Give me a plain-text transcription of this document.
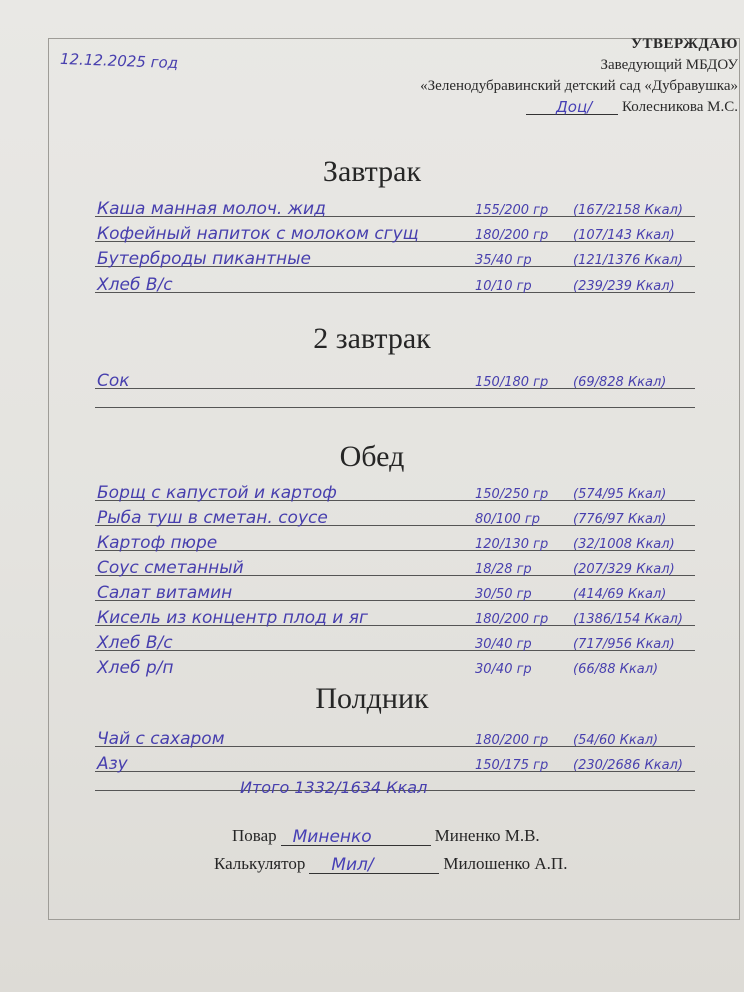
12.12.2025 год
УТВЕРЖДАЮ
Заведующий МБДОУ
«Зеленодубравинский детский сад «Дубравушка»
Доц/ Колесникова М.С.
Завтрак
Каша манная молоч. жид	155/200 гр (167/2158 Ккал)
Кофейный напиток с молоком сгущ	180/200 гр (107/143 Ккал)
Бутерброды пикантные	35/40 гр	(121/1376 Ккал)
Хлеб В/с	10/10 гр	(239/239 Ккал)
2 завтрак
Сок	150/180 гр (69/828 Ккал)
Обед
Борщ с капустой и картоф	150/250 гр (574/95 Ккал)
Рыба туш в сметан. соусе	80/100 гр	(776/97 Ккал)
Картоф пюре	120/130 гр (32/1008 Ккал)
Соус сметанный	18/28 гр	(207/329 Ккал)
Салат витамин	30/50 гр	(414/69 Ккал)
Кисель из концентр плод и яг	180/200 гр (1386/154 Ккал)
Хлеб В/с	30/40 гр	(717/956 Ккал)
Хлеб р/п	30/40 гр	(66/88 Ккал)
Полдник
Чай с сахаром	180/200 гр (54/60 Ккал)
Азу	150/175 гр (230/2686 Ккал)
Итого 1332/1634 Ккал
Повар Миненко	Миненко М.В.
Калькулятор Мил/	Милошенко А.П.
